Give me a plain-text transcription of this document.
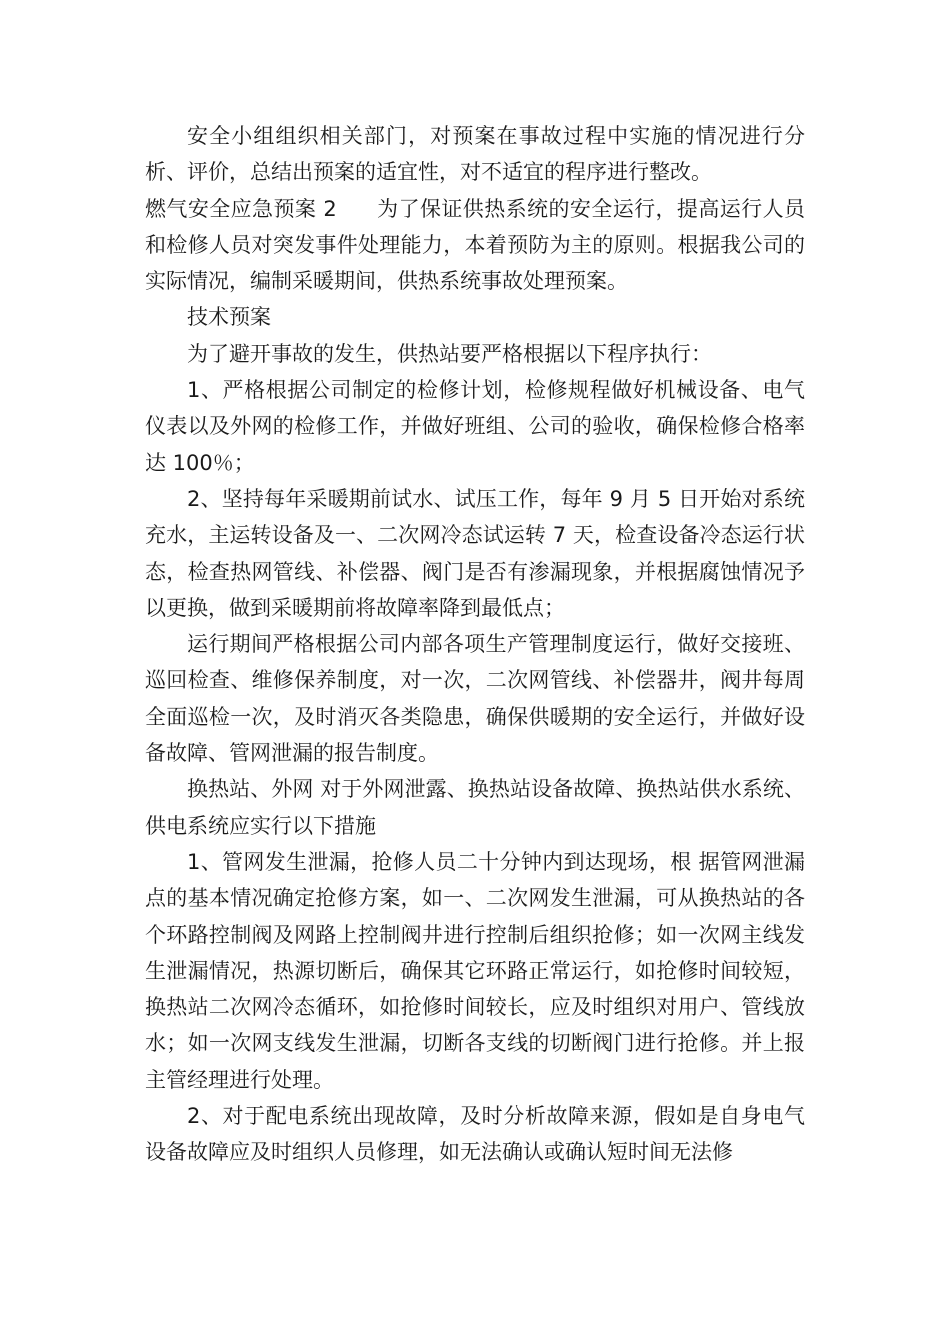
安全小组组织相关部门，对预案在事故过程中实施的情况进行分析、评价，总结出预案的适宜性，对不适宜的程序进行整改。

燃气安全应急预案 2 为了保证供热系统的安全运行，提高运行人员和检修人员对突发事件处理能力，本着预防为主的原则。根据我公司的实际情况，编制采暖期间，供热系统事故处理预案。

技术预案

为了避开事故的发生，供热站要严格根据以下程序执行：

1、严格根据公司制定的检修计划，检修规程做好机械设备、电气仪表以及外网的检修工作，并做好班组、公司的验收，确保检修合格率达 100％；

2、坚持每年采暖期前试水、试压工作，每年 9 月 5 日开始对系统充水，主运转设备及一、二次网冷态试运转 7 天，检查设备冷态运行状态，检查热网管线、补偿器、阀门是否有渗漏现象，并根据腐蚀情况予以更换，做到采暖期前将故障率降到最低点；

运行期间严格根据公司内部各项生产管理制度运行，做好交接班、巡回检查、维修保养制度，对一次，二次网管线、补偿器井，阀井每周全面巡检一次，及时消灭各类隐患，确保供暖期的安全运行，并做好设备故障、管网泄漏的报告制度。

换热站、外网 对于外网泄露、换热站设备故障、换热站供水系统、供电系统应实行以下措施

1、管网发生泄漏，抢修人员二十分钟内到达现场，根 据管网泄漏点的基本情况确定抢修方案，如一、二次网发生泄漏，可从换热站的各个环路控制阀及网路上控制阀井进行控制后组织抢修；如一次网主线发生泄漏情况，热源切断后，确保其它环路正常运行，如抢修时间较短，换热站二次网冷态循环，如抢修时间较长，应及时组织对用户、管线放水；如一次网支线发生泄漏，切断各支线的切断阀门进行抢修。并上报主管经理进行处理。

2、对于配电系统出现故障，及时分析故障来源，假如是自身电气设备故障应及时组织人员修理，如无法确认或确认短时间无法修
